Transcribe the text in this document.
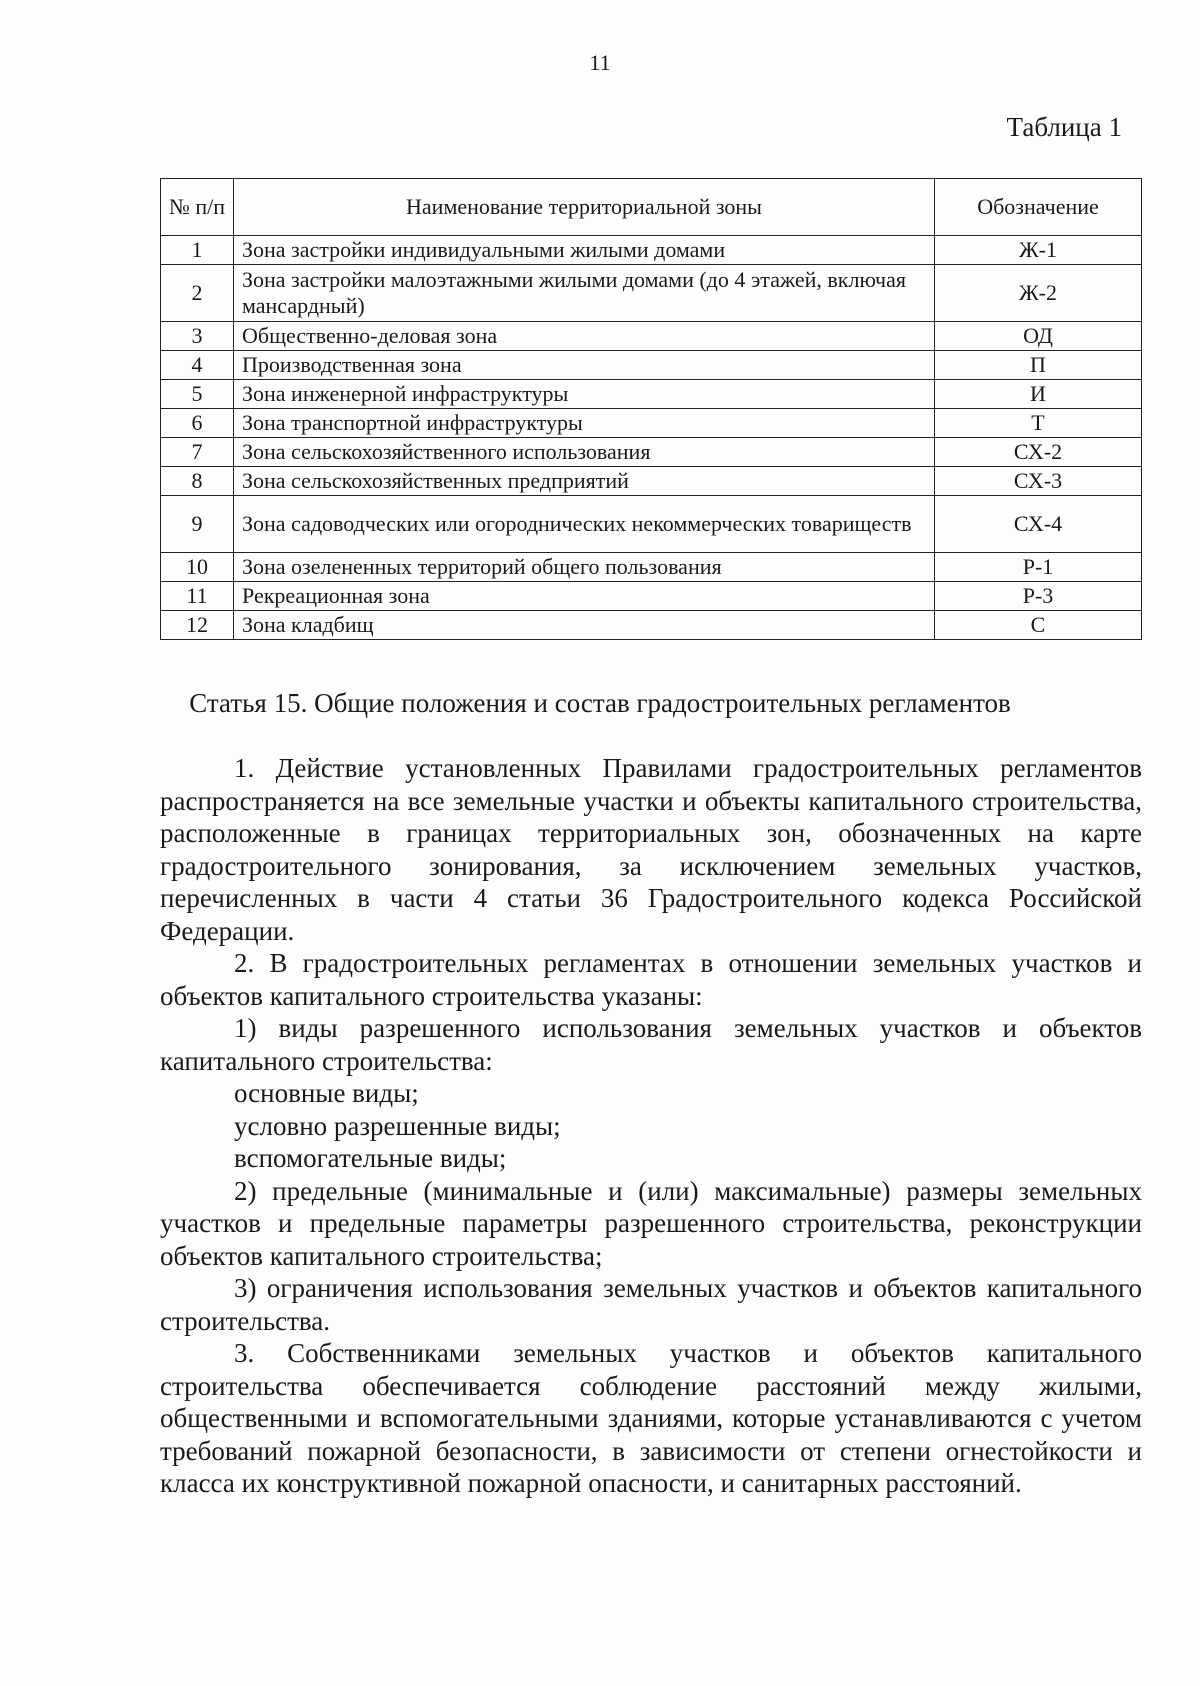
11
Таблица 1
№ п/п	Наименование территориальной зоны	Обозначение
1	Зона застройки индивидуальными жилыми домами	Ж-1
2	Зона застройки малоэтажными жилыми домами (до 4 этажей, включая мансардный)	Ж-2
3	Общественно-деловая зона	ОД
4	Производственная зона	П
5	Зона инженерной инфраструктуры	И
6	Зона транспортной инфраструктуры	Т
7	Зона сельскохозяйственного использования	СХ-2
8	Зона сельскохозяйственных предприятий	СХ-3
9	Зона садоводческих или огороднических некоммерческих товариществ	СХ-4
10	Зона озелененных территорий общего пользования	Р-1
11	Рекреационная зона	Р-3
12	Зона кладбищ	С
Статья 15. Общие положения и состав градостроительных регламентов

1. Действие установленных Правилами градостроительных регламентов распространяется на все земельные участки и объекты капитального строительства, расположенные в границах территориальных зон, обозначенных на карте градостроительного зонирования, за исключением земельных участков, перечисленных в части 4 статьи 36 Градостроительного кодекса Российской Федерации.

2. В градостроительных регламентах в отношении земельных участков и объектов капитального строительства указаны:

1) виды разрешенного использования земельных участков и объектов капитального строительства:

основные виды;

условно разрешенные виды;

вспомогательные виды;

2) предельные (минимальные и (или) максимальные) размеры земельных участков и предельные параметры разрешенного строительства, реконструкции объектов капитального строительства;

3) ограничения использования земельных участков и объектов капитального строительства.

3. Собственниками земельных участков и объектов капитального строительства обеспечивается соблюдение расстояний между жилыми, общественными и вспомогательными зданиями, которые устанавливаются с учетом требований пожарной безопасности, в зависимости от степени огнестойкости и класса их конструктивной пожарной опасности, и санитарных расстояний.
